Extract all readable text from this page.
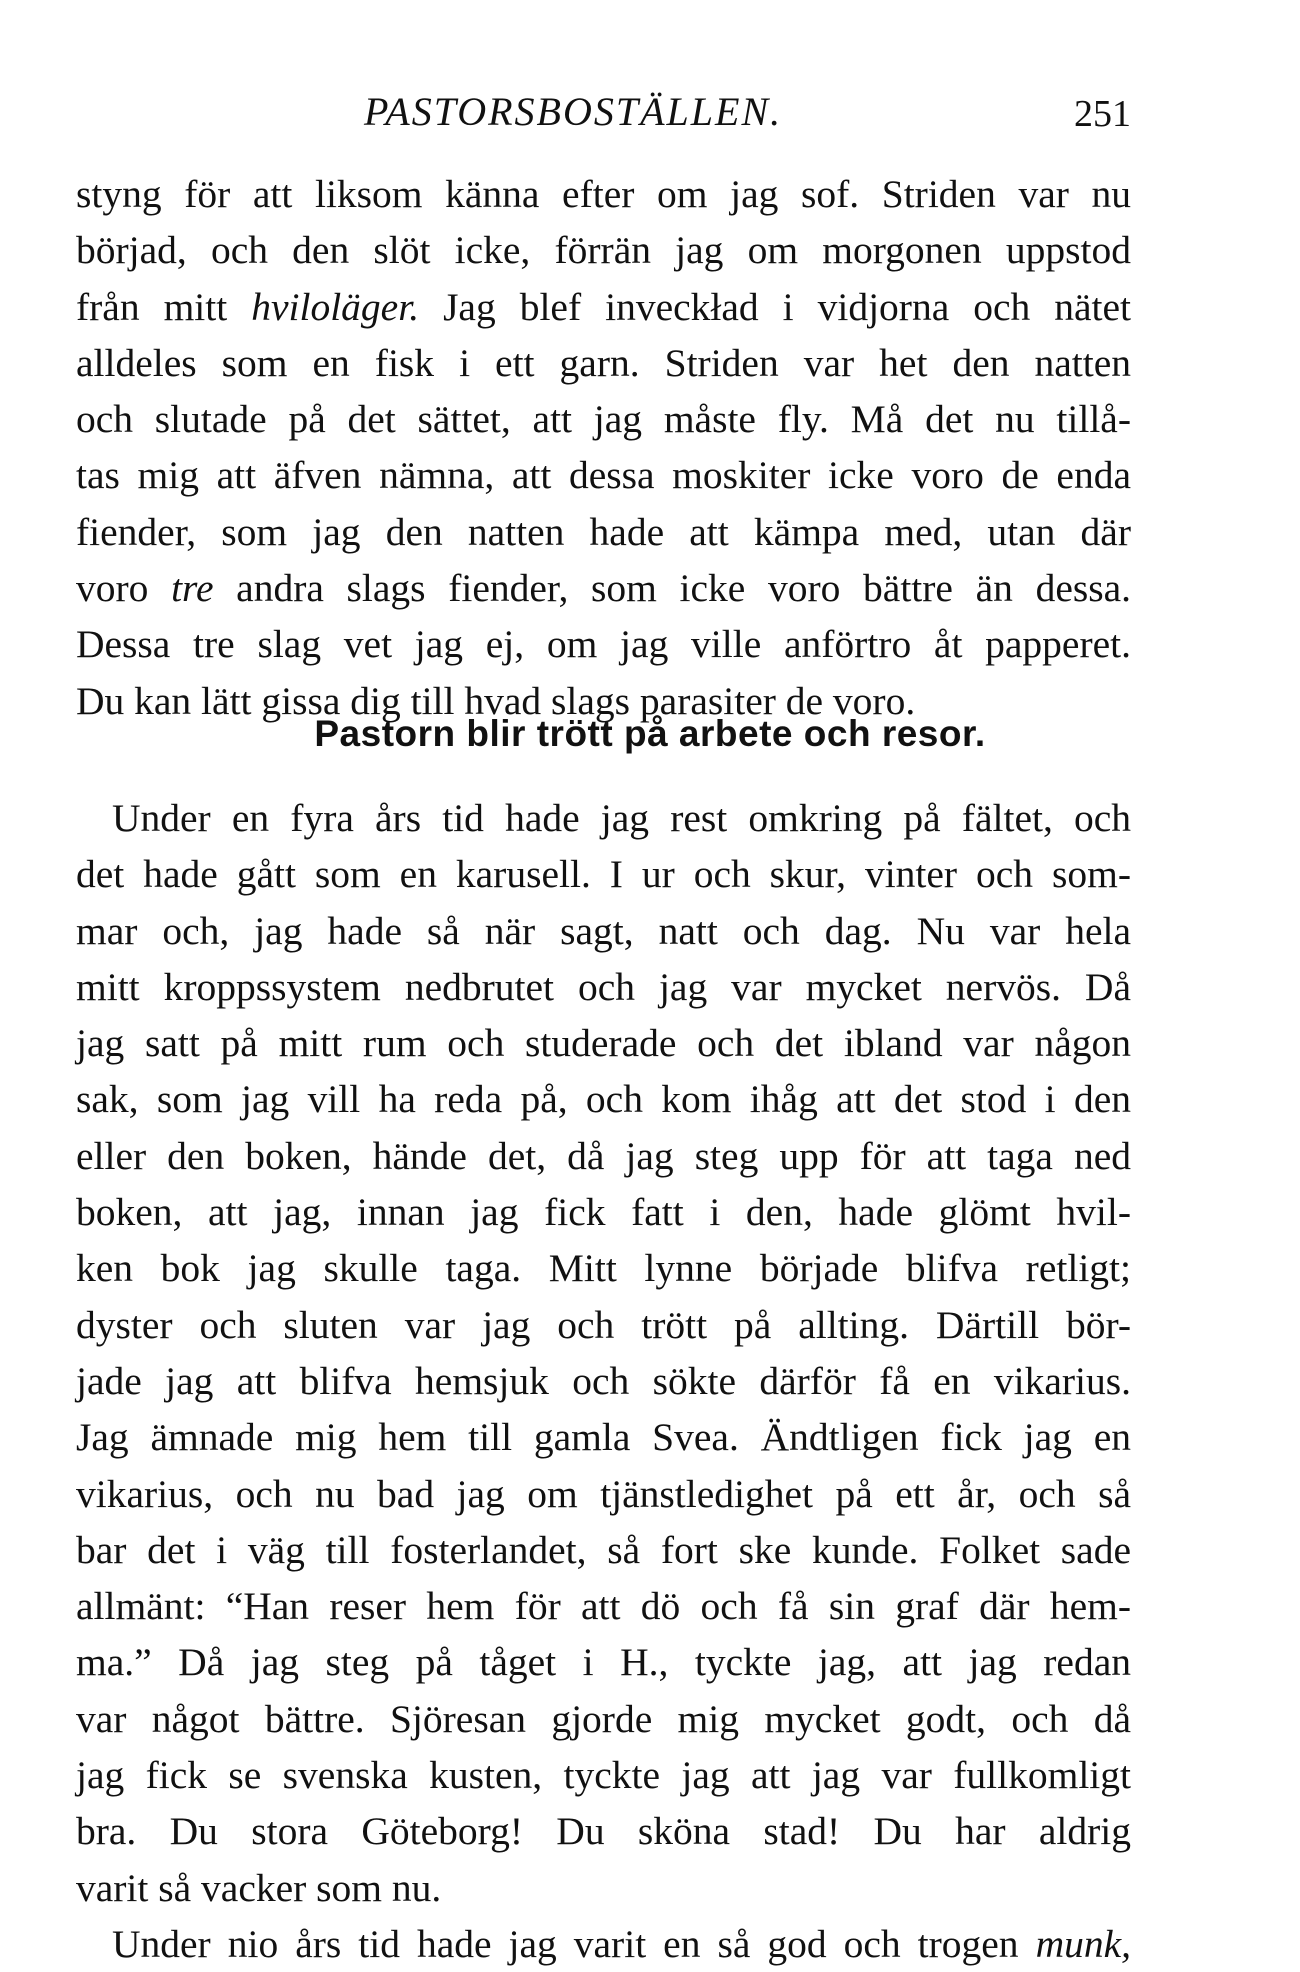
PASTORSBOSTÄLLEN.	251
styng för att liksom känna efter om jag sof. Striden var nu
börjad, och den slöt icke, förrän jag om morgonen uppstod
från mitt hviloläger. Jag blef inveckład i vidjorna och nätet
alldeles som en fisk i ett garn. Striden var het den natten
och slutade på det sättet, att jag måste fly. Må det nu tillå-
tas mig att äfven nämna, att dessa moskiter icke voro de enda
fiender, som jag den natten hade att kämpa med, utan där
voro tre andra slags fiender, som icke voro bättre än dessa.
Dessa tre slag vet jag ej, om jag ville anförtro åt papperet.
Du kan lätt gissa dig till hvad slags parasiter de voro.
Pastorn blir trött på arbete och resor.
Under en fyra års tid hade jag rest omkring på fältet, och
det hade gått som en karusell. I ur och skur, vinter och som-
mar och, jag hade så när sagt, natt och dag. Nu var hela
mitt kroppssystem nedbrutet och jag var mycket nervös. Då
jag satt på mitt rum och studerade och det ibland var någon
sak, som jag vill ha reda på, och kom ihåg att det stod i den
eller den boken, hände det, då jag steg upp för att taga ned
boken, att jag, innan jag fick fatt i den, hade glömt hvil-
ken bok jag skulle taga. Mitt lynne började blifva retligt;
dyster och sluten var jag och trött på allting. Därtill bör-
jade jag att blifva hemsjuk och sökte därför få en vikarius.
Jag ämnade mig hem till gamla Svea. Ändtligen fick jag en
vikarius, och nu bad jag om tjänstledighet på ett år, och så
bar det i väg till fosterlandet, så fort ske kunde. Folket sade
allmänt: “Han reser hem för att dö och få sin graf där hem-
ma.” Då jag steg på tåget i H., tyckte jag, att jag redan
var något bättre. Sjöresan gjorde mig mycket godt, och då
jag fick se svenska kusten, tyckte jag att jag var fullkomligt
bra. Du stora Göteborg! Du sköna stad! Du har aldrig
varit så vacker som nu.
Under nio års tid hade jag varit en så god och trogen munk,
